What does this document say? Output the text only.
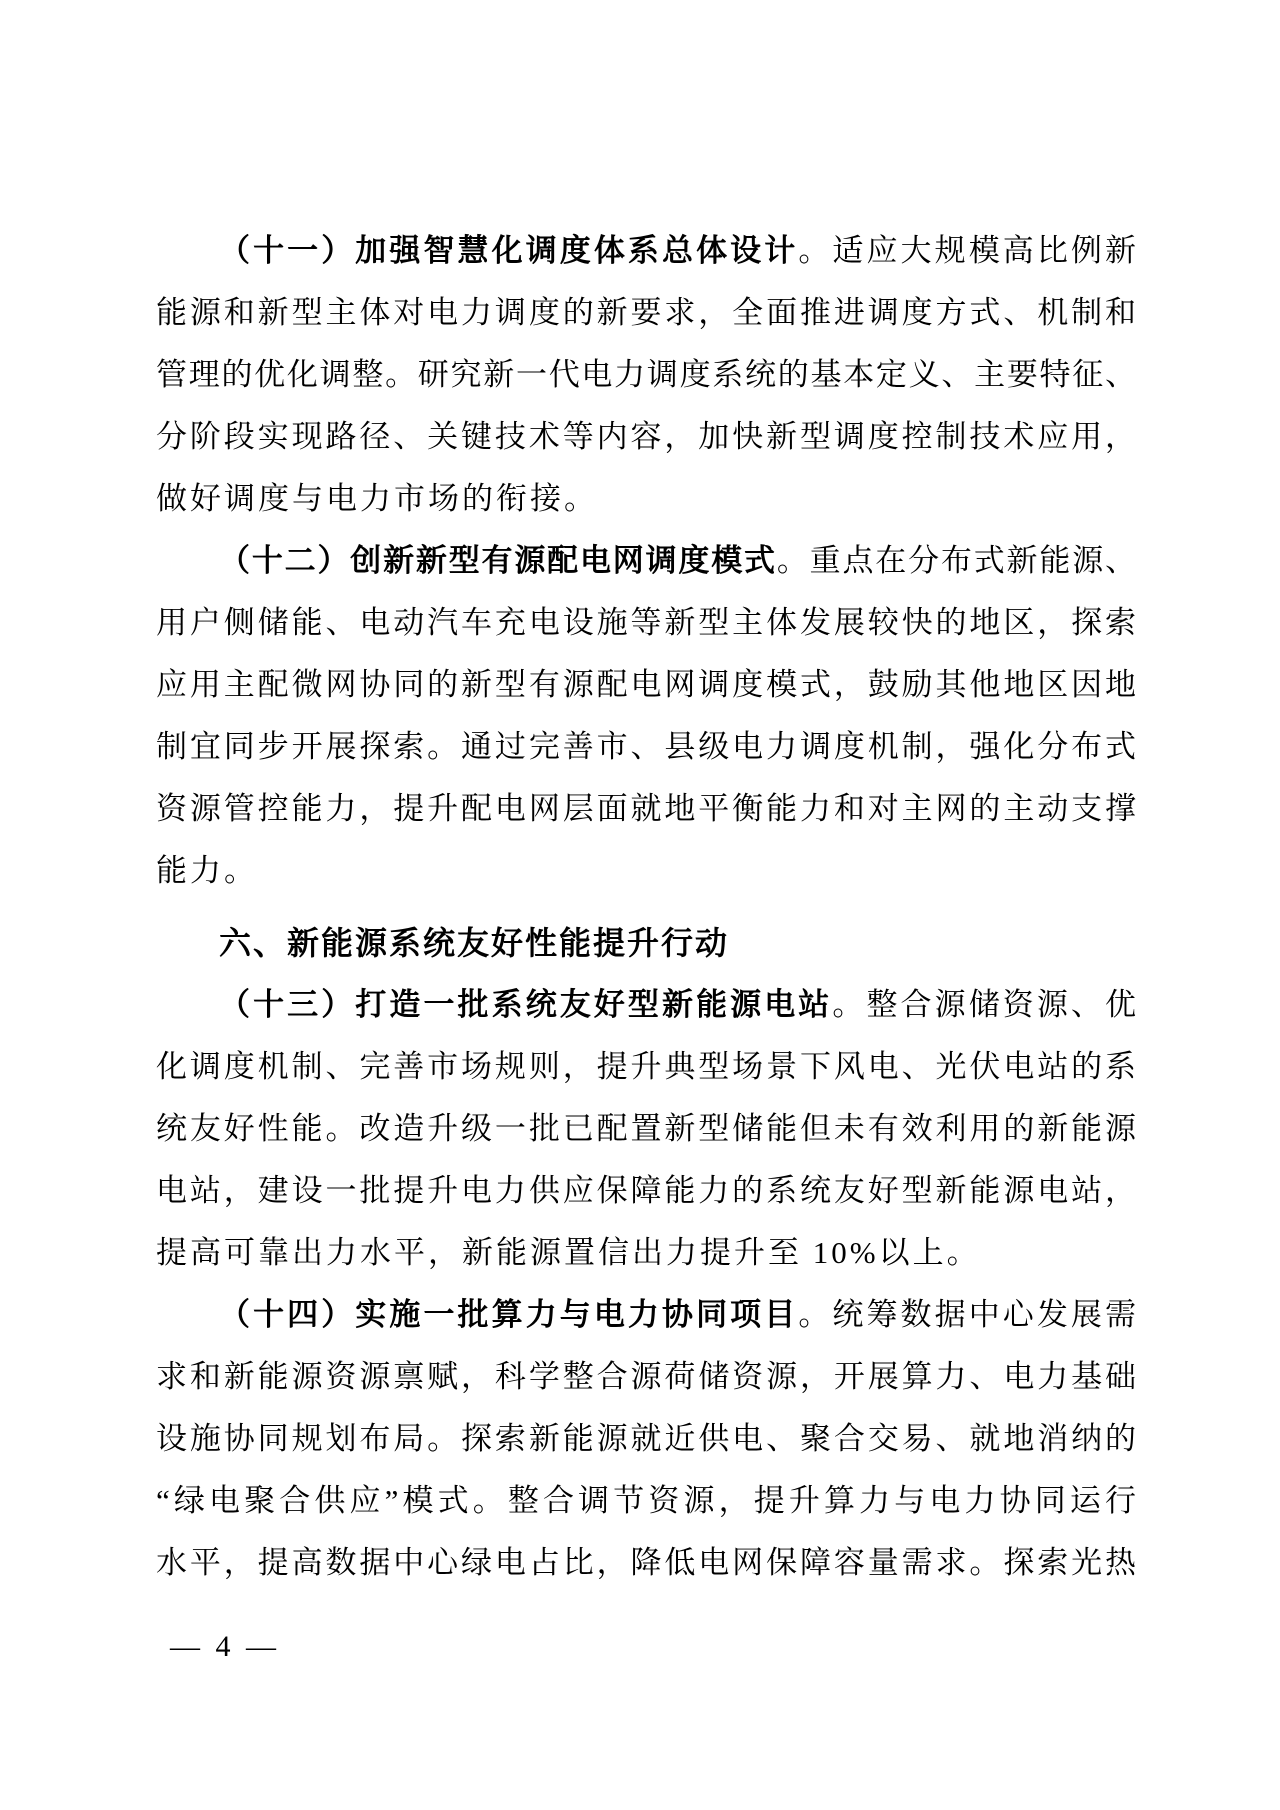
（十一）加强智慧化调度体系总体设计。适应大规模高比例新
能源和新型主体对电力调度的新要求，全面推进调度方式、机制和
管理的优化调整。研究新一代电力调度系统的基本定义、主要特征、
分阶段实现路径、关键技术等内容，加快新型调度控制技术应用，
做好调度与电力市场的衔接。
（十二）创新新型有源配电网调度模式。重点在分布式新能源、
用户侧储能、电动汽车充电设施等新型主体发展较快的地区，探索
应用主配微网协同的新型有源配电网调度模式，鼓励其他地区因地
制宜同步开展探索。通过完善市、县级电力调度机制，强化分布式
资源管控能力，提升配电网层面就地平衡能力和对主网的主动支撑
能力。
六、新能源系统友好性能提升行动
（十三）打造一批系统友好型新能源电站。整合源储资源、优
化调度机制、完善市场规则，提升典型场景下风电、光伏电站的系
统友好性能。改造升级一批已配置新型储能但未有效利用的新能源
电站，建设一批提升电力供应保障能力的系统友好型新能源电站，
提高可靠出力水平，新能源置信出力提升至 10%以上。
（十四）实施一批算力与电力协同项目。统筹数据中心发展需
求和新能源资源禀赋，科学整合源荷储资源，开展算力、电力基础
设施协同规划布局。探索新能源就近供电、聚合交易、就地消纳的
“绿电聚合供应”模式。整合调节资源，提升算力与电力协同运行
水平，提高数据中心绿电占比，降低电网保障容量需求。探索光热
— 4 —
